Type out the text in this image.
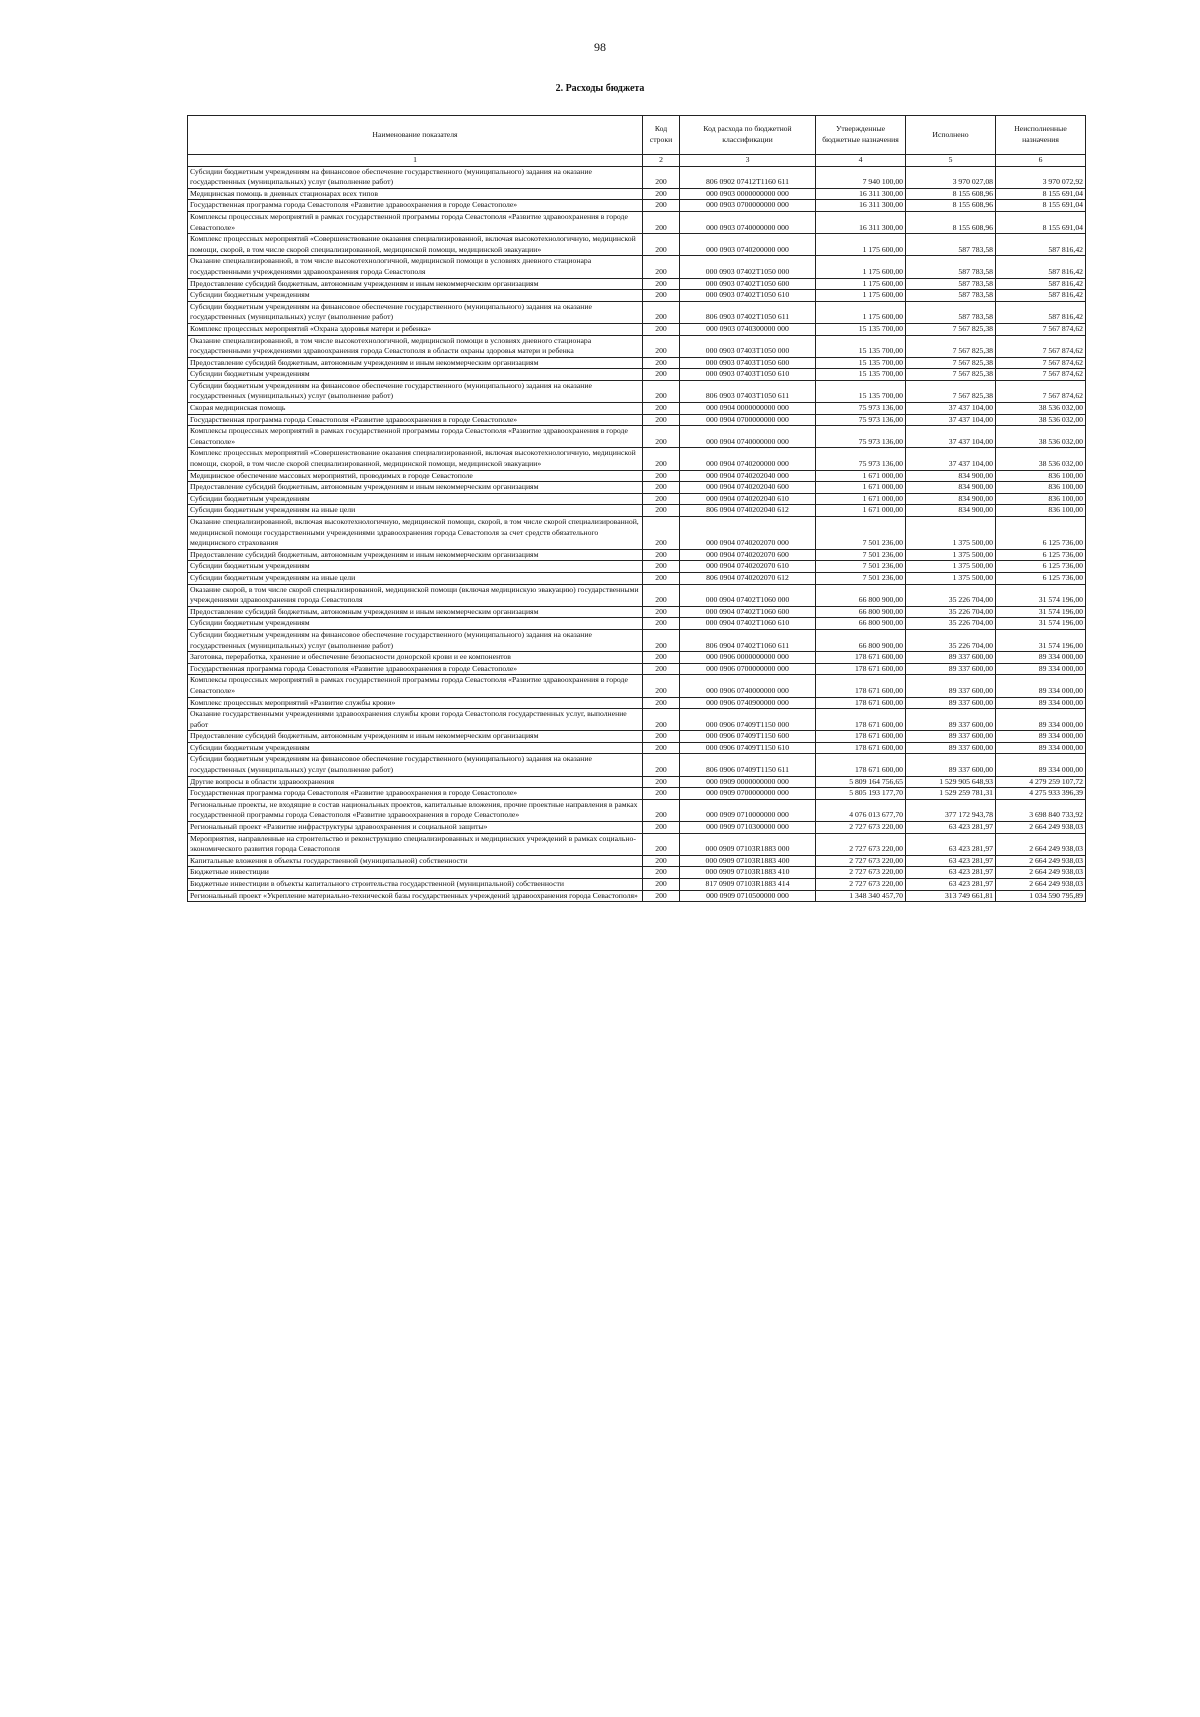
98
2. Расходы бюджета
Наименование показателя	Код строки	Код расхода по бюджетной классификации	Утвержденные бюджетные назначения	Исполнено	Неисполненные назначения
1	2	3	4	5	6
Субсидии бюджетным учреждениям на финансовое обеспечение государственного (муниципального) задания на оказание государственных (муниципальных) услуг (выполнение работ)	200	806 0902 07412Т1160 611	7 940 100,00	3 970 027,08	3 970 072,92
Медицинская помощь в дневных стационарах всех типов	200	000 0903 0000000000 000	16 311 300,00	8 155 608,96	8 155 691,04
Государственная программа города Севастополя «Развитие здравоохранения в городе Севастополе»	200	000 0903 0700000000 000	16 311 300,00	8 155 608,96	8 155 691,04
Комплексы процессных мероприятий в рамках государственной программы города Севастополя «Развитие здравоохранения в городе Севастополе»	200	000 0903 0740000000 000	16 311 300,00	8 155 608,96	8 155 691,04
Комплекс процессных мероприятий «Совершенствование оказания специализированной, включая высокотехнологичную, медицинской помощи, скорой, в том числе скорой специализированной, медицинской помощи, медицинской эвакуации»	200	000 0903 0740200000 000	1 175 600,00	587 783,58	587 816,42
Оказание специализированной, в том числе высокотехнологичной, медицинской помощи в условиях дневного стационара государственными учреждениями здравоохранения города Севастополя	200	000 0903 07402Т1050 000	1 175 600,00	587 783,58	587 816,42
Предоставление субсидий бюджетным, автономным учреждениям и иным некоммерческим организациям	200	000 0903 07402Т1050 600	1 175 600,00	587 783,58	587 816,42
Субсидии бюджетным учреждениям	200	000 0903 07402Т1050 610	1 175 600,00	587 783,58	587 816,42
Субсидии бюджетным учреждениям на финансовое обеспечение государственного (муниципального) задания на оказание государственных (муниципальных) услуг (выполнение работ)	200	806 0903 07402Т1050 611	1 175 600,00	587 783,58	587 816,42
Комплекс процессных мероприятий «Охрана здоровья матери и ребенка»	200	000 0903 0740300000 000	15 135 700,00	7 567 825,38	7 567 874,62
Оказание специализированной, в том числе высокотехнологичной, медицинской помощи в условиях дневного стационара государственными учреждениями здравоохранения города Севастополя в области охраны здоровья матери и ребенка	200	000 0903 07403Т1050 000	15 135 700,00	7 567 825,38	7 567 874,62
Предоставление субсидий бюджетным, автономным учреждениям и иным некоммерческим организациям	200	000 0903 07403Т1050 600	15 135 700,00	7 567 825,38	7 567 874,62
Субсидии бюджетным учреждениям	200	000 0903 07403Т1050 610	15 135 700,00	7 567 825,38	7 567 874,62
Субсидии бюджетным учреждениям на финансовое обеспечение государственного (муниципального) задания на оказание государственных (муниципальных) услуг (выполнение работ)	200	806 0903 07403Т1050 611	15 135 700,00	7 567 825,38	7 567 874,62
Скорая медицинская помощь	200	000 0904 0000000000 000	75 973 136,00	37 437 104,00	38 536 032,00
Государственная программа города Севастополя «Развитие здравоохранения в городе Севастополе»	200	000 0904 0700000000 000	75 973 136,00	37 437 104,00	38 536 032,00
Комплексы процессных мероприятий в рамках государственной программы города Севастополя «Развитие здравоохранения в городе Севастополе»	200	000 0904 0740000000 000	75 973 136,00	37 437 104,00	38 536 032,00
Комплекс процессных мероприятий «Совершенствование оказания специализированной, включая высокотехнологичную, медицинской помощи, скорой, в том числе скорой специализированной, медицинской помощи, медицинской эвакуации»	200	000 0904 0740200000 000	75 973 136,00	37 437 104,00	38 536 032,00
Медицинское обеспечение массовых мероприятий, проводимых в городе Севастополе	200	000 0904 0740202040 000	1 671 000,00	834 900,00	836 100,00
Предоставление субсидий бюджетным, автономным учреждениям и иным некоммерческим организациям	200	000 0904 0740202040 600	1 671 000,00	834 900,00	836 100,00
Субсидии бюджетным учреждениям	200	000 0904 0740202040 610	1 671 000,00	834 900,00	836 100,00
Субсидии бюджетным учреждениям на иные цели	200	806 0904 0740202040 612	1 671 000,00	834 900,00	836 100,00
Оказание специализированной, включая высокотехнологичную, медицинской помощи, скорой, в том числе скорой специализированной, медицинской помощи государственными учреждениями здравоохранения города Севастополя за счет средств обязательного медицинского страхования	200	000 0904 0740202070 000	7 501 236,00	1 375 500,00	6 125 736,00
Предоставление субсидий бюджетным, автономным учреждениям и иным некоммерческим организациям	200	000 0904 0740202070 600	7 501 236,00	1 375 500,00	6 125 736,00
Субсидии бюджетным учреждениям	200	000 0904 0740202070 610	7 501 236,00	1 375 500,00	6 125 736,00
Субсидии бюджетным учреждениям на иные цели	200	806 0904 0740202070 612	7 501 236,00	1 375 500,00	6 125 736,00
Оказание скорой, в том числе скорой специализированной, медицинской помощи (включая медицинскую эвакуацию) государственными учреждениями здравоохранения города Севастополя	200	000 0904 07402Т1060 000	66 800 900,00	35 226 704,00	31 574 196,00
Предоставление субсидий бюджетным, автономным учреждениям и иным некоммерческим организациям	200	000 0904 07402Т1060 600	66 800 900,00	35 226 704,00	31 574 196,00
Субсидии бюджетным учреждениям	200	000 0904 07402Т1060 610	66 800 900,00	35 226 704,00	31 574 196,00
Субсидии бюджетным учреждениям на финансовое обеспечение государственного (муниципального) задания на оказание государственных (муниципальных) услуг (выполнение работ)	200	806 0904 07402Т1060 611	66 800 900,00	35 226 704,00	31 574 196,00
Заготовка, переработка, хранение и обеспечение безопасности донорской крови и ее компонентов	200	000 0906 0000000000 000	178 671 600,00	89 337 600,00	89 334 000,00
Государственная программа города Севастополя «Развитие здравоохранения в городе Севастополе»	200	000 0906 0700000000 000	178 671 600,00	89 337 600,00	89 334 000,00
Комплексы процессных мероприятий в рамках государственной программы города Севастополя «Развитие здравоохранения в городе Севастополе»	200	000 0906 0740000000 000	178 671 600,00	89 337 600,00	89 334 000,00
Комплекс процессных мероприятий «Развитие службы крови»	200	000 0906 0740900000 000	178 671 600,00	89 337 600,00	89 334 000,00
Оказание государственными учреждениями здравоохранения службы крови города Севастополя государственных услуг, выполнение работ	200	000 0906 07409Т1150 000	178 671 600,00	89 337 600,00	89 334 000,00
Предоставление субсидий бюджетным, автономным учреждениям и иным некоммерческим организациям	200	000 0906 07409Т1150 600	178 671 600,00	89 337 600,00	89 334 000,00
Субсидии бюджетным учреждениям	200	000 0906 07409Т1150 610	178 671 600,00	89 337 600,00	89 334 000,00
Субсидии бюджетным учреждениям на финансовое обеспечение государственного (муниципального) задания на оказание государственных (муниципальных) услуг (выполнение работ)	200	806 0906 07409Т1150 611	178 671 600,00	89 337 600,00	89 334 000,00
Другие вопросы в области здравоохранения	200	000 0909 0000000000 000	5 809 164 756,65	1 529 905 648,93	4 279 259 107,72
Государственная программа города Севастополя «Развитие здравоохранения в городе Севастополе»	200	000 0909 0700000000 000	5 805 193 177,70	1 529 259 781,31	4 275 933 396,39
Региональные проекты, не входящие в состав национальных проектов, капитальные вложения, прочие проектные направления в рамках государственной программы города Севастополя «Развитие здравоохранения в городе Севастополе»	200	000 0909 0710000000 000	4 076 013 677,70	377 172 943,78	3 698 840 733,92
Региональный проект «Развитие инфраструктуры здравоохранения и социальной защиты»	200	000 0909 0710300000 000	2 727 673 220,00	63 423 281,97	2 664 249 938,03
Мероприятия, направленные на строительство и реконструкцию специализированных и медицинских учреждений в рамках социально-экономического развития города Севастополя	200	000 0909 07103R1883 000	2 727 673 220,00	63 423 281,97	2 664 249 938,03
Капитальные вложения в объекты государственной (муниципальной) собственности	200	000 0909 07103R1883 400	2 727 673 220,00	63 423 281,97	2 664 249 938,03
Бюджетные инвестиции	200	000 0909 07103R1883 410	2 727 673 220,00	63 423 281,97	2 664 249 938,03
Бюджетные инвестиции в объекты капитального строительства государственной (муниципальной) собственности	200	817 0909 07103R1883 414	2 727 673 220,00	63 423 281,97	2 664 249 938,03
Региональный проект «Укрепление материально-технической базы государственных учреждений здравоохранения города Севастополя»	200	000 0909 0710500000 000	1 348 340 457,70	313 749 661,81	1 034 590 795,89
